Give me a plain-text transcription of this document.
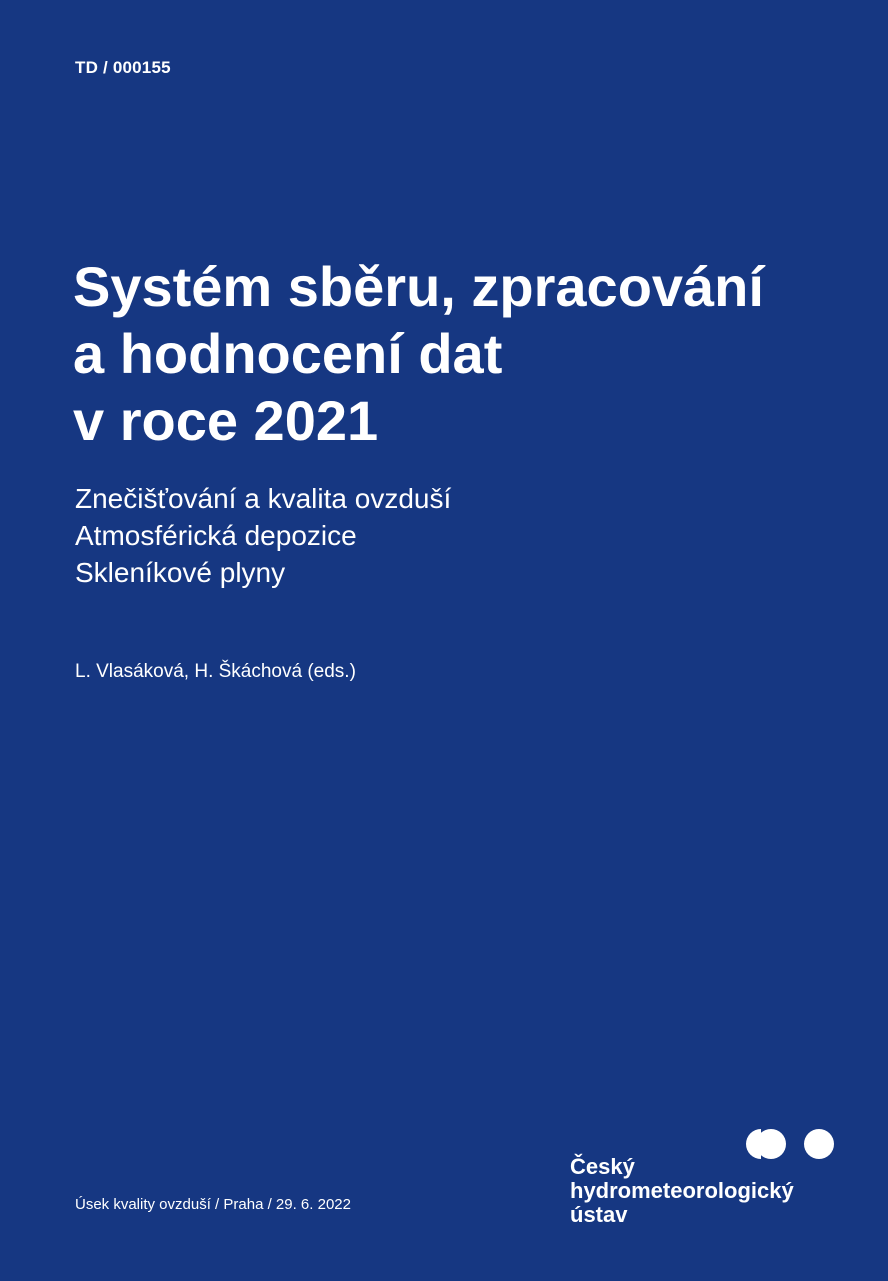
TD / 000155
Systém sběru, zpracování
a hodnocení dat
v roce 2021
Znečišťování a kvalita ovzduší
Atmosférická depozice
Skleníkové plyny
L. Vlasáková, H. Škáchová (eds.)
Úsek kvality ovzduší / Praha / 29. 6. 2022
Český
hydrometeorologický
ústav
